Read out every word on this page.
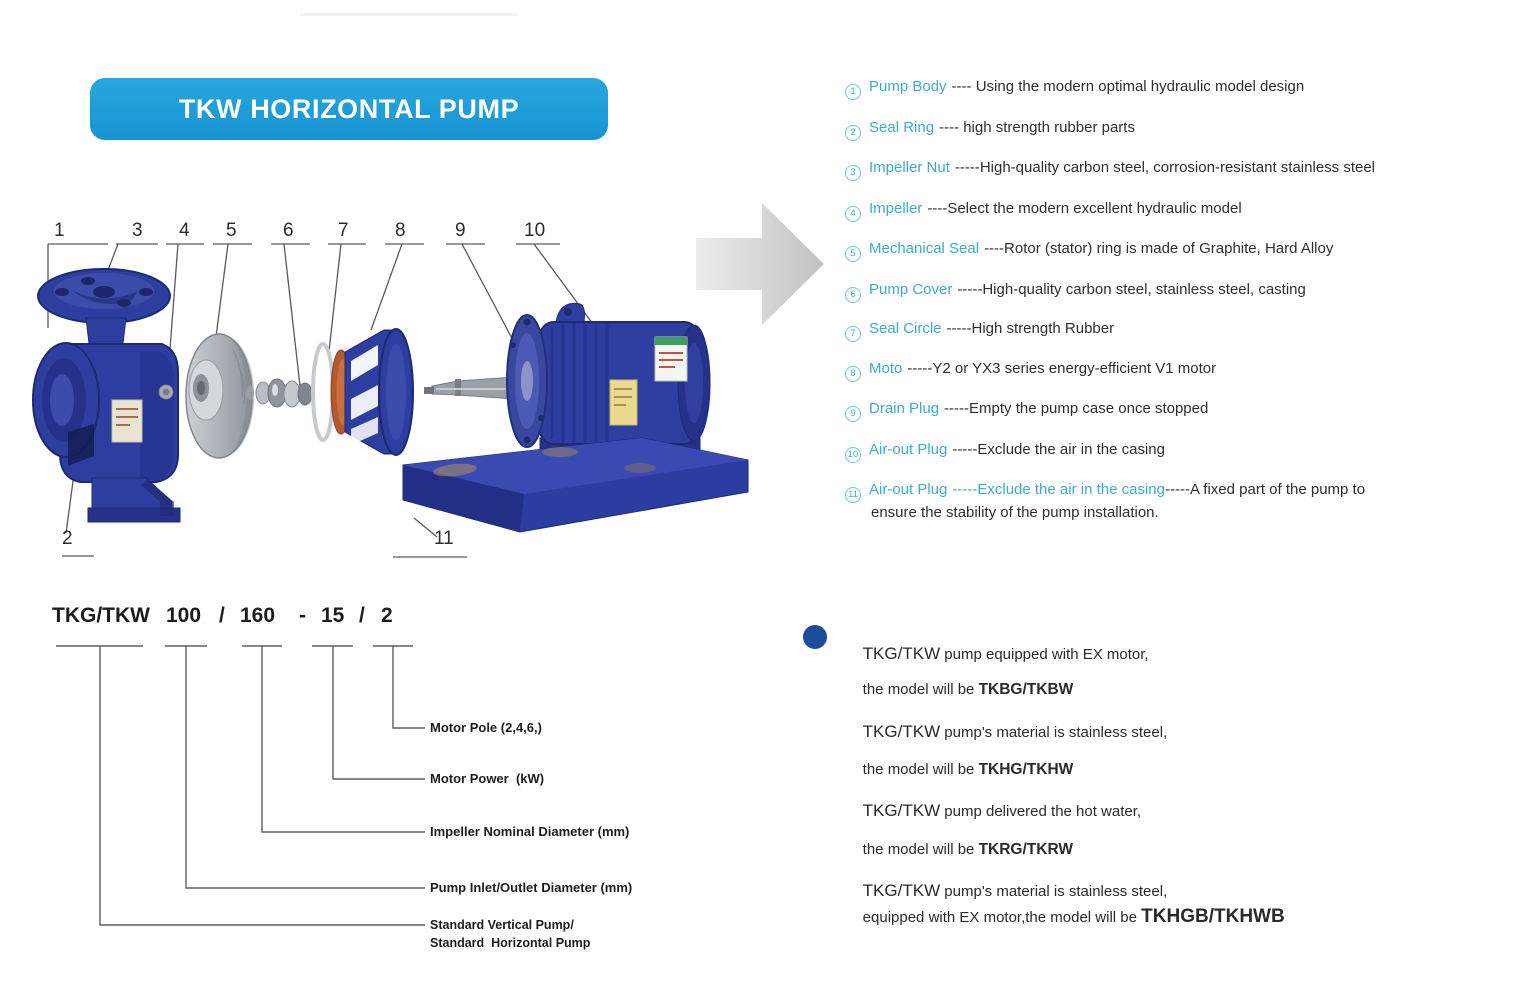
TKW HORIZONTAL PUMP
1	3 4 5 6 7 8	9	10
2	11
1 Pump Body ---- Using the modern optimal hydraulic model design
2 Seal Ring ---- high strength rubber parts
3 Impeller Nut -----High-quality carbon steel, corrosion-resistant stainless steel
4 Impeller ----Select the modern excellent hydraulic model
5 Mechanical Seal ----Rotor (stator) ring is made of Graphite, Hard Alloy
6 Pump Cover -----High-quality carbon steel, stainless steel, casting
7 Seal Circle -----High strength Rubber
8 Moto -----Y2 or YX3 series energy-efficient V1 motor
9 Drain Plug -----Empty the pump case once stopped
10 Air-out Plug -----Exclude the air in the casing
11 Air-out Plug -----Exclude the air in the casing-----A fixed part of the pump to
ensure the stability of the pump installation.
TKG/TKW 100 / 160 - 15 / 2
Motor Pole (2,4,6,)
Motor Power  (kW)
Impeller Nominal Diameter (mm)
Pump Inlet/Outlet Diameter (mm)
Standard Vertical Pump/
Standard  Horizontal Pump

TKG/TKW pump equipped with EX motor,

the model will be TKBG/TKBW

TKG/TKW pump's material is stainless steel,

the model will be TKHG/TKHW

TKG/TKW pump delivered the hot water,

the model will be TKRG/TKRW

TKG/TKW pump's material is stainless steel,

equipped with EX motor,the model will be TKHGB/TKHWB
